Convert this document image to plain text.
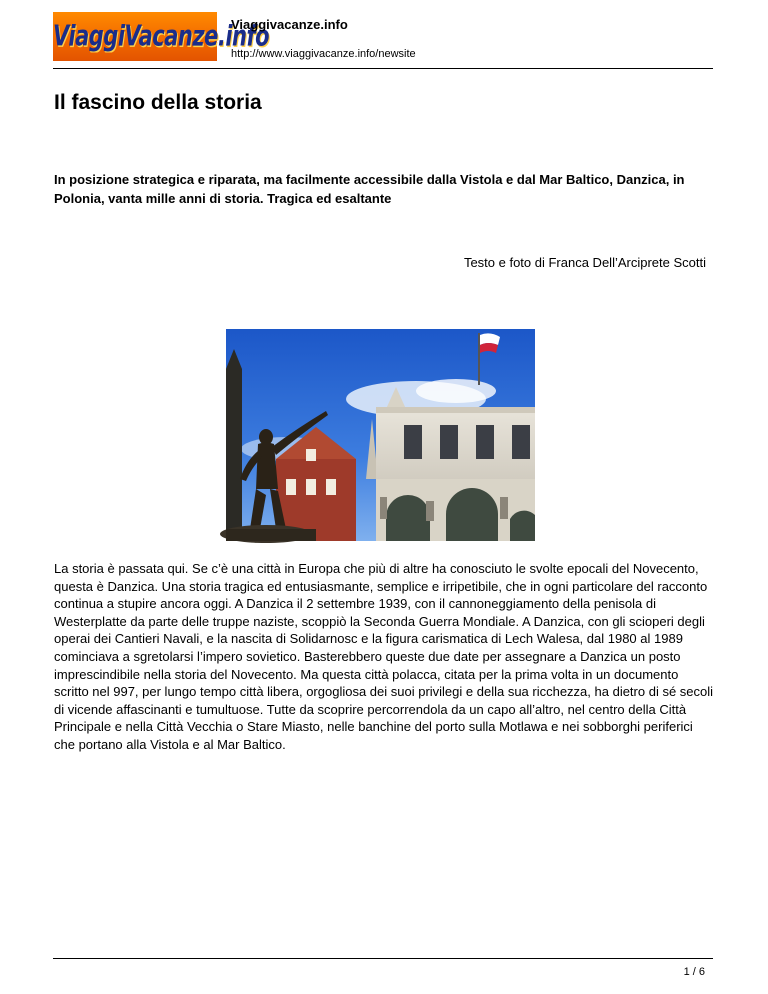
ViaggiVacanze.info
Viaggivacanze.info
http://www.viaggivacanze.info/newsite
Il fascino della storia
In posizione strategica e riparata, ma facilmente accessibile dalla Vistola e dal Mar Baltico, Danzica, in Polonia, vanta mille anni di storia. Tragica ed esaltante
Testo e foto di Franca Dell’Arciprete Scotti
La storia è passata qui. Se c’è una città in Europa che più di altre ha conosciuto le svolte epocali del Novecento, questa è Danzica. Una storia tragica ed entusiasmante, semplice e irripetibile, che in ogni particolare del racconto continua a stupire ancora oggi. A Danzica il 2 settembre 1939, con il cannoneggiamento della penisola di Westerplatte da parte delle truppe naziste, scoppiò la Seconda Guerra Mondiale. A Danzica, con gli scioperi degli operai dei Cantieri Navali, e la nascita di Solidarnosc e la figura carismatica di Lech Walesa, dal 1980 al 1989 cominciava a sgretolarsi l’impero sovietico. Basterebbero queste due date per assegnare a Danzica un posto imprescindibile nella storia del Novecento. Ma questa città polacca, citata per la prima volta in un documento scritto nel 997, per lungo tempo città libera, orgogliosa dei suoi privilegi e della sua ricchezza, ha dietro di sé secoli di vicende affascinanti e tumultuose. Tutte da scoprire percorrendola da un capo all’altro, nel centro della Città Principale e nella Città Vecchia o Stare Miasto, nelle banchine del porto sulla Motlawa e nei sobborghi periferici che portano alla Vistola e al Mar Baltico.
1 / 6
